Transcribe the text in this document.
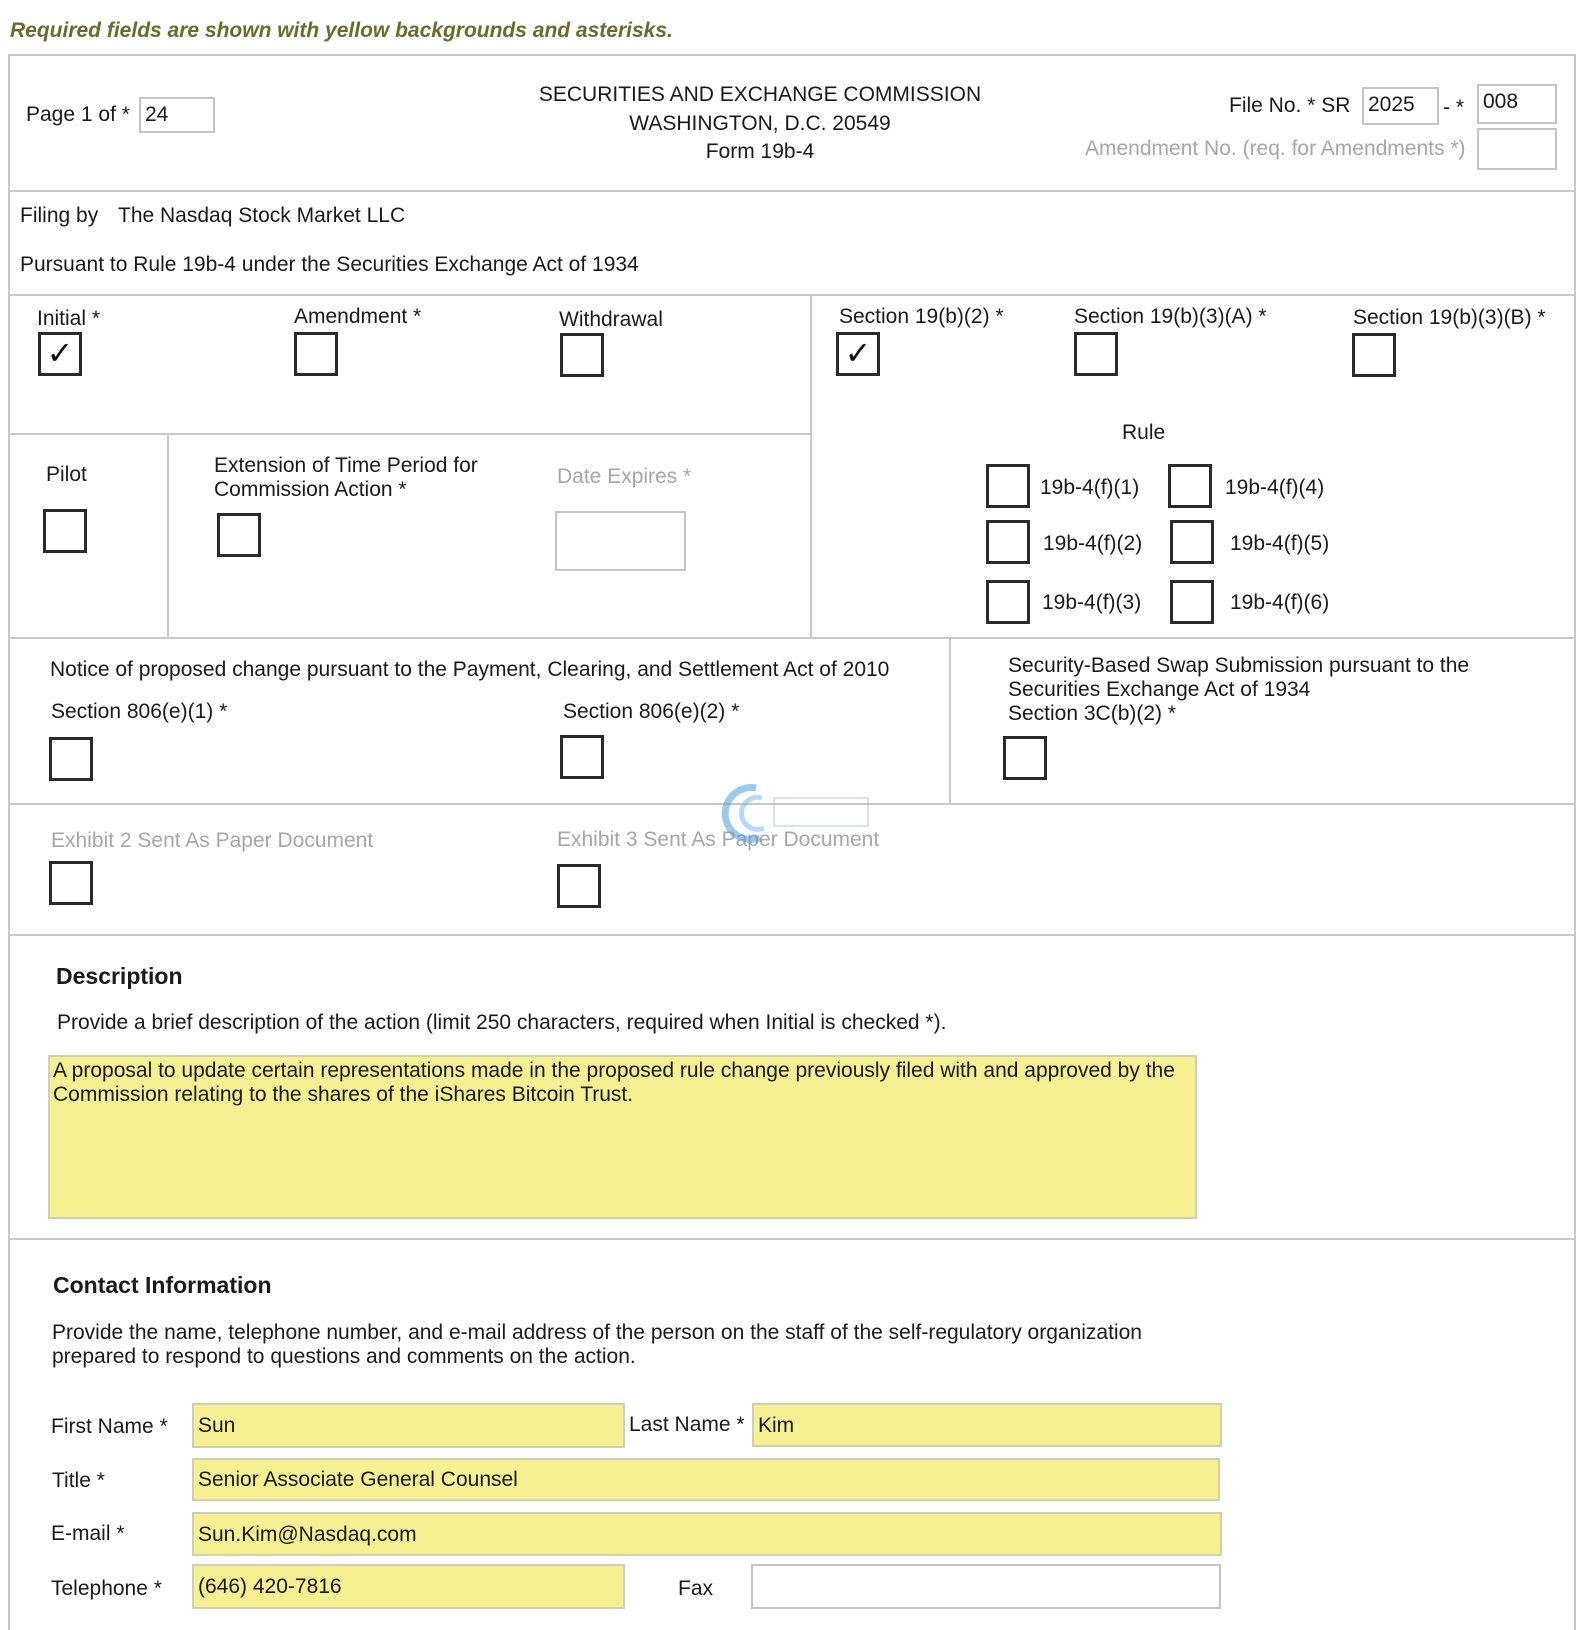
Required fields are shown with yellow backgrounds and asterisks.
Page 1 of * 24
SECURITIES AND EXCHANGE COMMISSION
WASHINGTON, D.C. 20549
Form 19b-4
File No. * SR 2025	- * 008
Amendment No. (req. for Amendments *)
Filing by The Nasdaq Stock Market LLC
Pursuant to Rule 19b-4 under the Securities Exchange Act of 1934
Initial *
✓
Amendment *	Withdrawal
Pilot	Extension of Time Period for
Commission Action *
Date Expires *
Section 19(b)(2) *
✓
Section 19(b)(3)(A) *	Section 19(b)(3)(B) *
Rule
19b-4(f)(1)	19b-4(f)(4)
19b-4(f)(2)	19b-4(f)(5)
19b-4(f)(3)	19b-4(f)(6)
Notice of proposed change pursuant to the Payment, Clearing, and Settlement Act of 2010
Section 806(e)(1) *	Section 806(e)(2) *
Security-Based Swap Submission pursuant to the
Securities Exchange Act of 1934
Section 3C(b)(2) *
Exhibit 2 Sent As Paper Document	Exhibit 3 Sent As Paper Document
Description
Provide a brief description of the action (limit 250 characters, required when Initial is checked *).
A proposal to update certain representations made in the proposed rule change previously filed with and approved by the Commission relating to the shares of the iShares Bitcoin Trust.
Contact Information
Provide the name, telephone number, and e-mail address of the person on the staff of the self-regulatory organization
prepared to respond to questions and comments on the action.
First Name * Sun	Last Name * Kim
Title *	Senior Associate General Counsel
E-mail *	Sun.Kim@Nasdaq.com
Telephone * (646) 420-7816	Fax
